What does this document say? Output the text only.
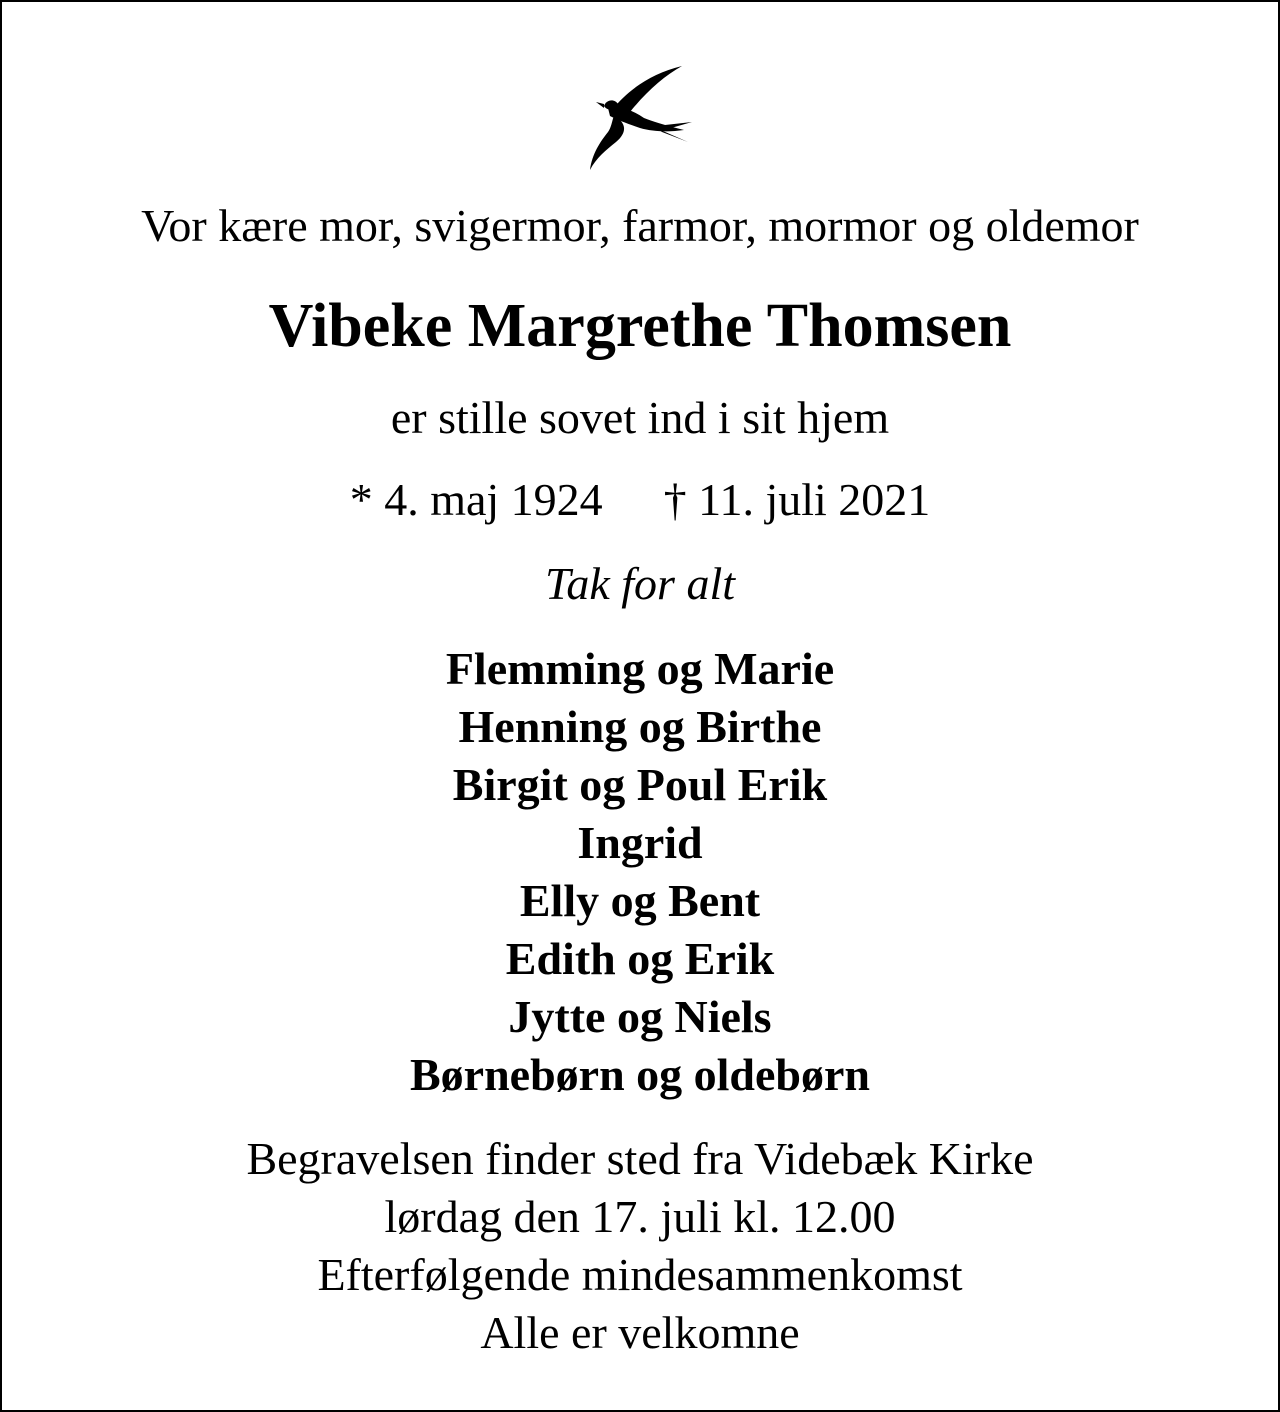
Vor kære mor, svigermor, farmor, mormor og oldemor
Vibeke Margrethe Thomsen
er stille sovet ind i sit hjem
* 4. maj 1924 † 11. juli 2021
Tak for alt
Flemming og Marie
Henning og Birthe
Birgit og Poul Erik
Ingrid
Elly og Bent
Edith og Erik
Jytte og Niels
Børnebørn og oldebørn
Begravelsen finder sted fra Videbæk Kirke
lørdag den 17. juli kl. 12.00
Efterfølgende mindesammenkomst
Alle er velkomne
